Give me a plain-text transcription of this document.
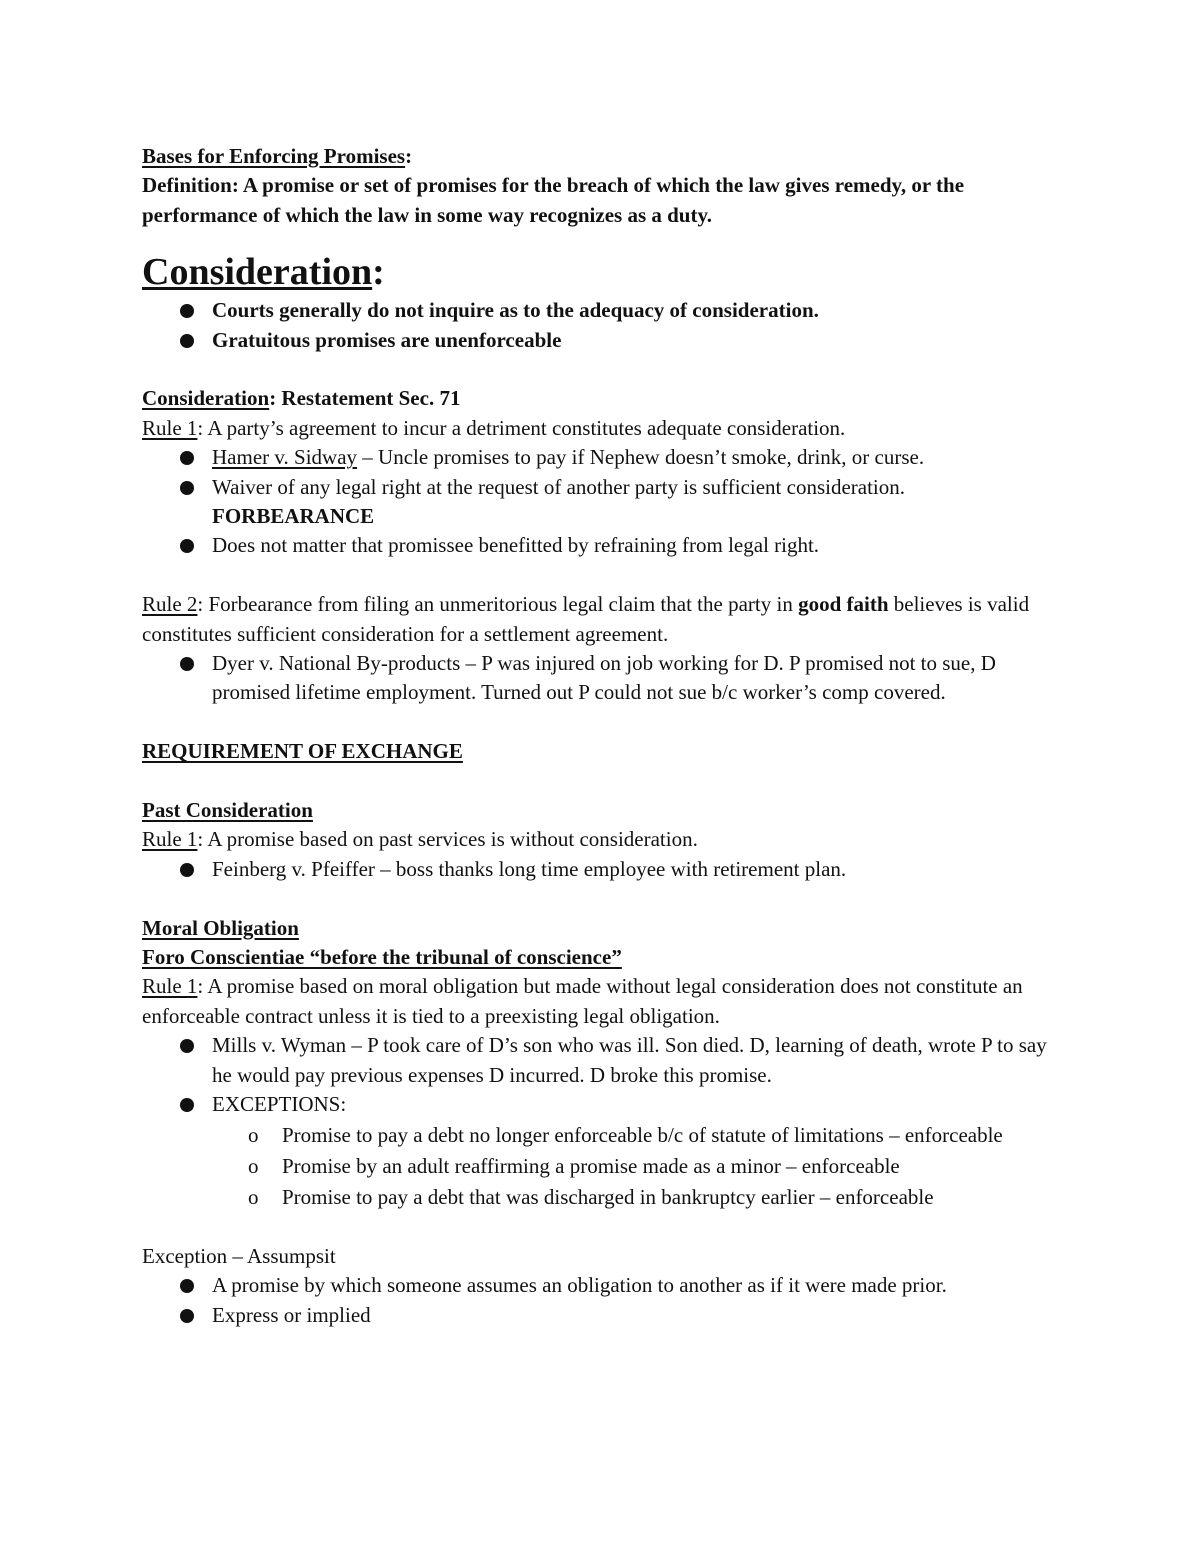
Bases for Enforcing Promises:

Definition: A promise or set of promises for the breach of which the law gives remedy, or the performance of which the law in some way recognizes as a duty.

Consideration:

Courts generally do not inquire as to the adequacy of consideration.
Gratuitous promises are unenforceable

Consideration: Restatement Sec. 71

Rule 1: A party’s agreement to incur a detriment constitutes adequate consideration.

Hamer v. Sidway – Uncle promises to pay if Nephew doesn’t smoke, drink, or curse.
Waiver of any legal right at the request of another party is sufficient consideration.
FORBEARANCE
Does not matter that promissee benefitted by refraining from legal right.

Rule 2: Forbearance from filing an unmeritorious legal claim that the party in good faith believes is valid constitutes sufficient consideration for a settlement agreement.

Dyer v. National By-products – P was injured on job working for D. P promised not to sue, D promised lifetime employment. Turned out P could not sue b/c worker’s comp covered.

REQUIREMENT OF EXCHANGE

Past Consideration

Rule 1: A promise based on past services is without consideration.

Feinberg v. Pfeiffer – boss thanks long time employee with retirement plan.

Moral Obligation

Foro Conscientiae “before the tribunal of conscience”

Rule 1: A promise based on moral obligation but made without legal consideration does not constitute an enforceable contract unless it is tied to a preexisting legal obligation.

Mills v. Wyman – P took care of D’s son who was ill. Son died. D, learning of death, wrote P to say he would pay previous expenses D incurred. D broke this promise.
EXCEPTIONS:
o Promise to pay a debt no longer enforceable b/c of statute of limitations – enforceable
o Promise by an adult reaffirming a promise made as a minor – enforceable
o Promise to pay a debt that was discharged in bankruptcy earlier – enforceable

Exception – Assumpsit

A promise by which someone assumes an obligation to another as if it were made prior.
Express or implied
